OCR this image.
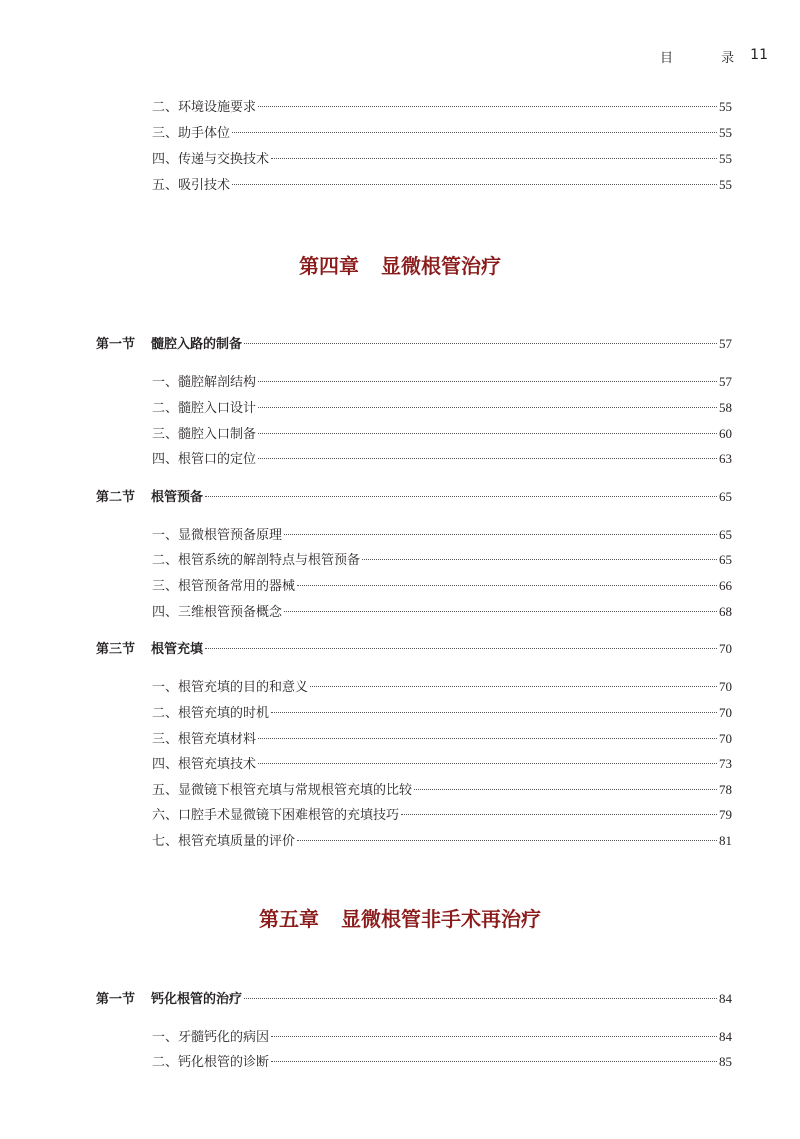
目 录
11
二、环境设施要求	55
三、助手体位	55
四、传递与交换技术	55
五、吸引技术	55
第四章 显微根管治疗
第一节 髓腔入路的制备	57
一、髓腔解剖结构	57
二、髓腔入口设计	58
三、髓腔入口制备	60
四、根管口的定位	63
第二节 根管预备	65
一、显微根管预备原理	65
二、根管系统的解剖特点与根管预备	65
三、根管预备常用的器械	66
四、三维根管预备概念	68
第三节 根管充填	70
一、根管充填的目的和意义	70
二、根管充填的时机	70
三、根管充填材料	70
四、根管充填技术	73
五、显微镜下根管充填与常规根管充填的比较	78
六、口腔手术显微镜下困难根管的充填技巧	79
七、根管充填质量的评价	81
第五章 显微根管非手术再治疗
第一节 钙化根管的治疗	84
一、牙髓钙化的病因	84
二、钙化根管的诊断	85
